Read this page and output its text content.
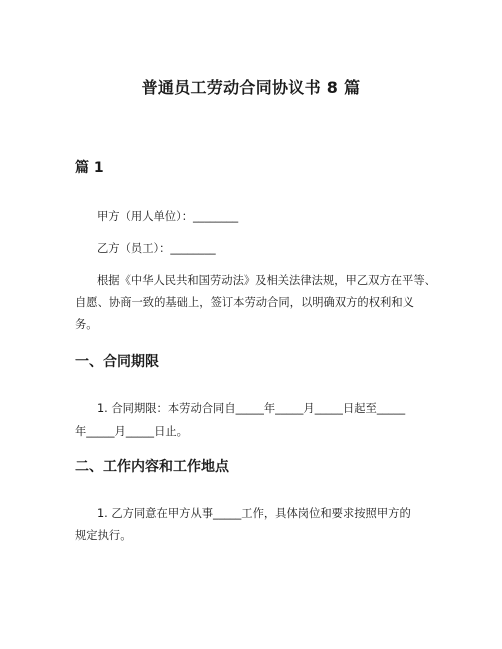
普通员工劳动合同协议书 8 篇
篇 1

甲方（用人单位）：________

乙方（员工）：________

根据《中华人民共和国劳动法》及相关法律法规，甲乙双方在平等、

自愿、协商一致的基础上，签订本劳动合同，以明确双方的权利和义

务。

一、合同期限

1. 合同期限：本劳动合同自_____年_____月_____日起至_____

年_____月_____日止。

二、工作内容和工作地点

1. 乙方同意在甲方从事_____工作，具体岗位和要求按照甲方的

规定执行。
